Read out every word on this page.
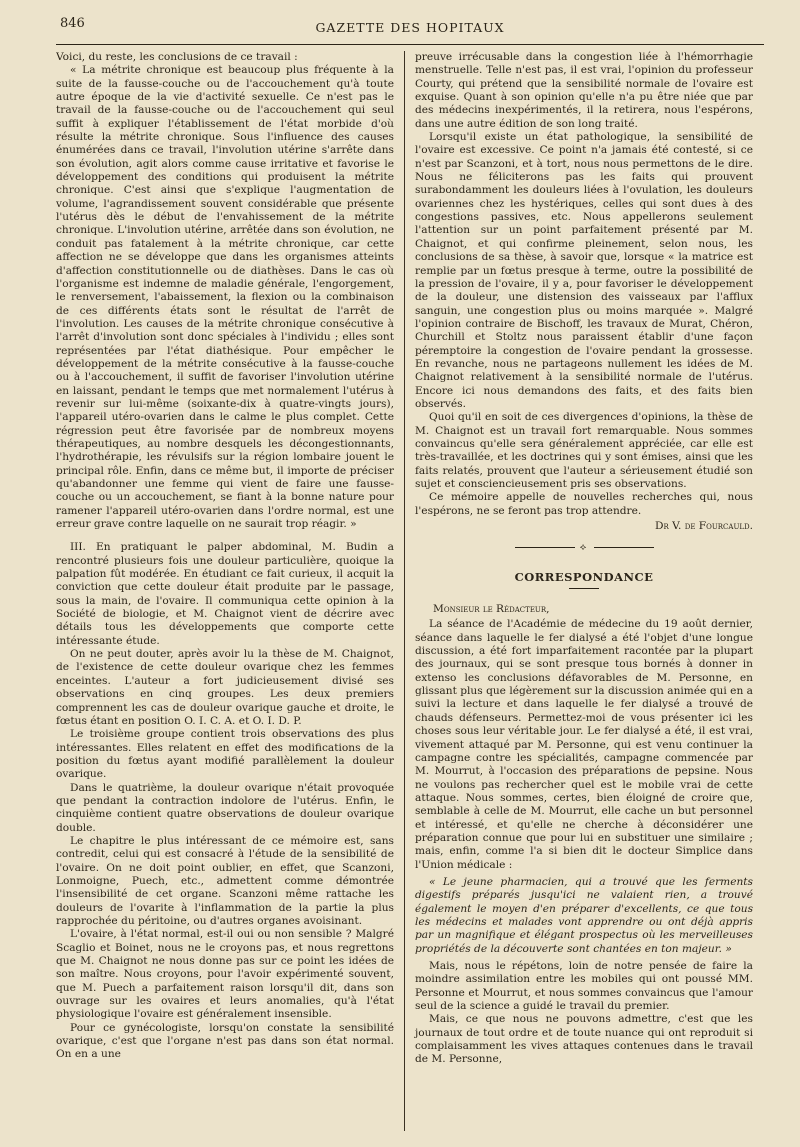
846	GAZETTE DES HOPITAUX

Voici, du reste, les conclusions de ce travail :

« La métrite chronique est beaucoup plus fréquente à la suite de la fausse-couche ou de l'accouchement qu'à toute autre époque de la vie d'activité sexuelle. Ce n'est pas le travail de la fausse-couche ou de l'accouchement qui seul suffit à expliquer l'établissement de l'état morbide d'où résulte la métrite chronique. Sous l'influence des causes énumérées dans ce travail, l'involution utérine s'arrête dans son évolution, agit alors comme cause irritative et favorise le développement des conditions qui produisent la métrite chronique. C'est ainsi que s'explique l'augmentation de volume, l'agrandissement souvent considérable que présente l'utérus dès le début de l'envahissement de la métrite chronique. L'involution utérine, arrêtée dans son évolution, ne conduit pas fatalement à la métrite chronique, car cette affection ne se développe que dans les organismes atteints d'affection constitutionnelle ou de diathèses. Dans le cas où l'organisme est indemne de maladie générale, l'engorgement, le renversement, l'abaissement, la flexion ou la combinaison de ces différents états sont le résultat de l'arrêt de l'involution. Les causes de la métrite chronique consécutive à l'arrêt d'involution sont donc spéciales à l'individu ; elles sont représentées par l'état diathésique. Pour empêcher le développement de la métrite consécutive à la fausse-couche ou à l'accouchement, il suffit de favoriser l'involution utérine en laissant, pendant le temps que met normalement l'utérus à revenir sur lui-même (soixante-dix à quatre-vingts jours), l'appareil utéro-ovarien dans le calme le plus complet. Cette régression peut être favorisée par de nombreux moyens thérapeutiques, au nombre desquels les décongestionnants, l'hydrothérapie, les révulsifs sur la région lombaire jouent le principal rôle. Enfin, dans ce même but, il importe de préciser qu'abandonner une femme qui vient de faire une fausse-couche ou un accouchement, se fiant à la bonne nature pour ramener l'appareil utéro-ovarien dans l'ordre normal, est une erreur grave contre laquelle on ne saurait trop réagir. »

III. En pratiquant le palper abdominal, M. Budin a rencontré plusieurs fois une douleur particulière, quoique la palpation fût modérée. En étudiant ce fait curieux, il acquit la conviction que cette douleur était produite par le passage, sous la main, de l'ovaire. Il communiqua cette opinion à la Société de biologie, et M. Chaignot vient de décrire avec détails tous les développements que comporte cette intéressante étude.

On ne peut douter, après avoir lu la thèse de M. Chaignot, de l'existence de cette douleur ovarique chez les femmes enceintes. L'auteur a fort judicieusement divisé ses observations en cinq groupes. Les deux premiers comprennent les cas de douleur ovarique gauche et droite, le fœtus étant en position O. I. C. A. et O. I. D. P.

Le troisième groupe contient trois observations des plus intéressantes. Elles relatent en effet des modifications de la position du fœtus ayant modifié parallèlement la douleur ovarique.

Dans le quatrième, la douleur ovarique n'était provoquée que pendant la contraction indolore de l'utérus. Enfin, le cinquième contient quatre observations de douleur ovarique double.

Le chapitre le plus intéressant de ce mémoire est, sans contredit, celui qui est consacré à l'étude de la sensibilité de l'ovaire. On ne doit point oublier, en effet, que Scanzoni, Lonmoigne, Puech, etc., admettent comme démontrée l'insensibilité de cet organe. Scanzoni même rattache les douleurs de l'ovarite à l'inflammation de la partie la plus rapprochée du péritoine, ou d'autres organes avoisinant.

L'ovaire, à l'état normal, est-il oui ou non sensible ? Malgré Scaglio et Boinet, nous ne le croyons pas, et nous regrettons que M. Chaignot ne nous donne pas sur ce point les idées de son maître. Nous croyons, pour l'avoir expérimenté souvent, que M. Puech a parfaitement raison lorsqu'il dit, dans son ouvrage sur les ovaires et leurs anomalies, qu'à l'état physiologique l'ovaire est généralement insensible.

Pour ce gynécologiste, lorsqu'on constate la sensibilité ovarique, c'est que l'organe n'est pas dans son état normal. On en a une

preuve irrécusable dans la congestion liée à l'hémorrhagie menstruelle. Telle n'est pas, il est vrai, l'opinion du professeur Courty, qui prétend que la sensibilité normale de l'ovaire est exquise. Quant à son opinion qu'elle n'a pu être niée que par des médecins inexpérimentés, il la retirera, nous l'espérons, dans une autre édition de son long traité.

Lorsqu'il existe un état pathologique, la sensibilité de l'ovaire est excessive. Ce point n'a jamais été contesté, si ce n'est par Scanzoni, et à tort, nous nous permettons de le dire. Nous ne féliciterons pas les faits qui prouvent surabondamment les douleurs liées à l'ovulation, les douleurs ovariennes chez les hystériques, celles qui sont dues à des congestions passives, etc. Nous appellerons seulement l'attention sur un point parfaitement présenté par M. Chaignot, et qui confirme pleinement, selon nous, les conclusions de sa thèse, à savoir que, lorsque « la matrice est remplie par un fœtus presque à terme, outre la possibilité de la pression de l'ovaire, il y a, pour favoriser le développement de la douleur, une distension des vaisseaux par l'afflux sanguin, une congestion plus ou moins marquée ». Malgré l'opinion contraire de Bischoff, les travaux de Murat, Chéron, Churchill et Stoltz nous paraissent établir d'une façon péremptoire la congestion de l'ovaire pendant la grossesse. En revanche, nous ne partageons nullement les idées de M. Chaignot relativement à la sensibilité normale de l'utérus. Encore ici nous demandons des faits, et des faits bien observés.

Quoi qu'il en soit de ces divergences d'opinions, la thèse de M. Chaignot est un travail fort remarquable. Nous sommes convaincus qu'elle sera généralement appréciée, car elle est très-travaillée, et les doctrines qui y sont émises, ainsi que les faits relatés, prouvent que l'auteur a sérieusement étudié son sujet et consciencieusement pris ses observations.

Ce mémoire appelle de nouvelles recherches qui, nous l'espérons, ne se feront pas trop attendre.

Dr V. de Fourcauld.
⟡
CORRESPONDANCE

Monsieur le Rédacteur,

La séance de l'Académie de médecine du 19 août dernier, séance dans laquelle le fer dialysé a été l'objet d'une longue discussion, a été fort imparfaitement racontée par la plupart des journaux, qui se sont presque tous bornés à donner in extenso les conclusions défavorables de M. Personne, en glissant plus que légèrement sur la discussion animée qui en a suivi la lecture et dans laquelle le fer dialysé a trouvé de chauds défenseurs. Permettez-moi de vous présenter ici les choses sous leur véritable jour. Le fer dialysé a été, il est vrai, vivement attaqué par M. Personne, qui est venu continuer la campagne contre les spécialités, campagne commencée par M. Mourrut, à l'occasion des préparations de pepsine. Nous ne voulons pas rechercher quel est le mobile vrai de cette attaque. Nous sommes, certes, bien éloigné de croire que, semblable à celle de M. Mourrut, elle cache un but personnel et intéressé, et qu'elle ne cherche à déconsidérer une préparation connue que pour lui en substituer une similaire ; mais, enfin, comme l'a si bien dit le docteur Simplice dans l'Union médicale :

« Le jeune pharmacien, qui a trouvé que les ferments digestifs préparés jusqu'ici ne valaient rien, a trouvé également le moyen d'en préparer d'excellents, ce que tous les médecins et malades vont apprendre ou ont déjà appris par un magnifique et élégant prospectus où les merveilleuses propriétés de la découverte sont chantées en ton majeur. »

Mais, nous le répétons, loin de notre pensée de faire la moindre assimilation entre les mobiles qui ont poussé MM. Personne et Mourrut, et nous sommes convaincus que l'amour seul de la science a guidé le travail du premier.

Mais, ce que nous ne pouvons admettre, c'est que les journaux de tout ordre et de toute nuance qui ont reproduit si complaisamment les vives attaques contenues dans le travail de M. Personne,
